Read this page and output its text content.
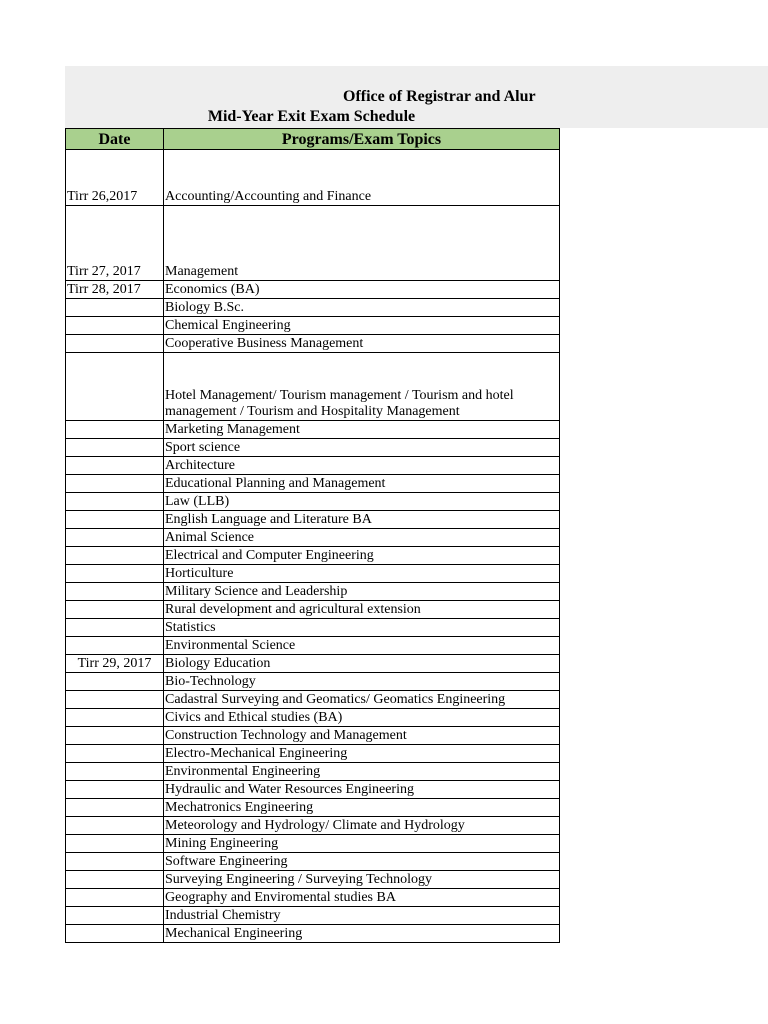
Office of Registrar and Alur
Mid-Year Exit Exam Schedule
Date	Programs/Exam Topics
Tirr 26,2017	Accounting/Accounting and Finance
Tirr 27, 2017	Management
Tirr 28, 2017	Economics (BA)
	Biology B.Sc.
	Chemical Engineering
	Cooperative Business Management
	Hotel Management/ Tourism management / Tourism and hotel management / Tourism and Hospitality Management
	Marketing Management
	Sport science
	Architecture
	Educational Planning and Management
	Law (LLB)
	English Language and Literature BA
	Animal Science
	Electrical and Computer Engineering
	Horticulture
	Military Science and Leadership
	Rural development and agricultural extension
	Statistics
	Environmental Science
Tirr 29, 2017	Biology Education
	Bio-Technology
	Cadastral Surveying and Geomatics/ Geomatics Engineering
	Civics and Ethical studies (BA)
	Construction Technology and Management
	Electro-Mechanical Engineering
	Environmental Engineering
	Hydraulic and Water Resources Engineering
	Mechatronics Engineering
	Meteorology and Hydrology/ Climate and Hydrology
	Mining Engineering
	Software Engineering
	Surveying Engineering / Surveying Technology
	Geography and Enviromental studies BA
	Industrial Chemistry
	Mechanical Engineering
